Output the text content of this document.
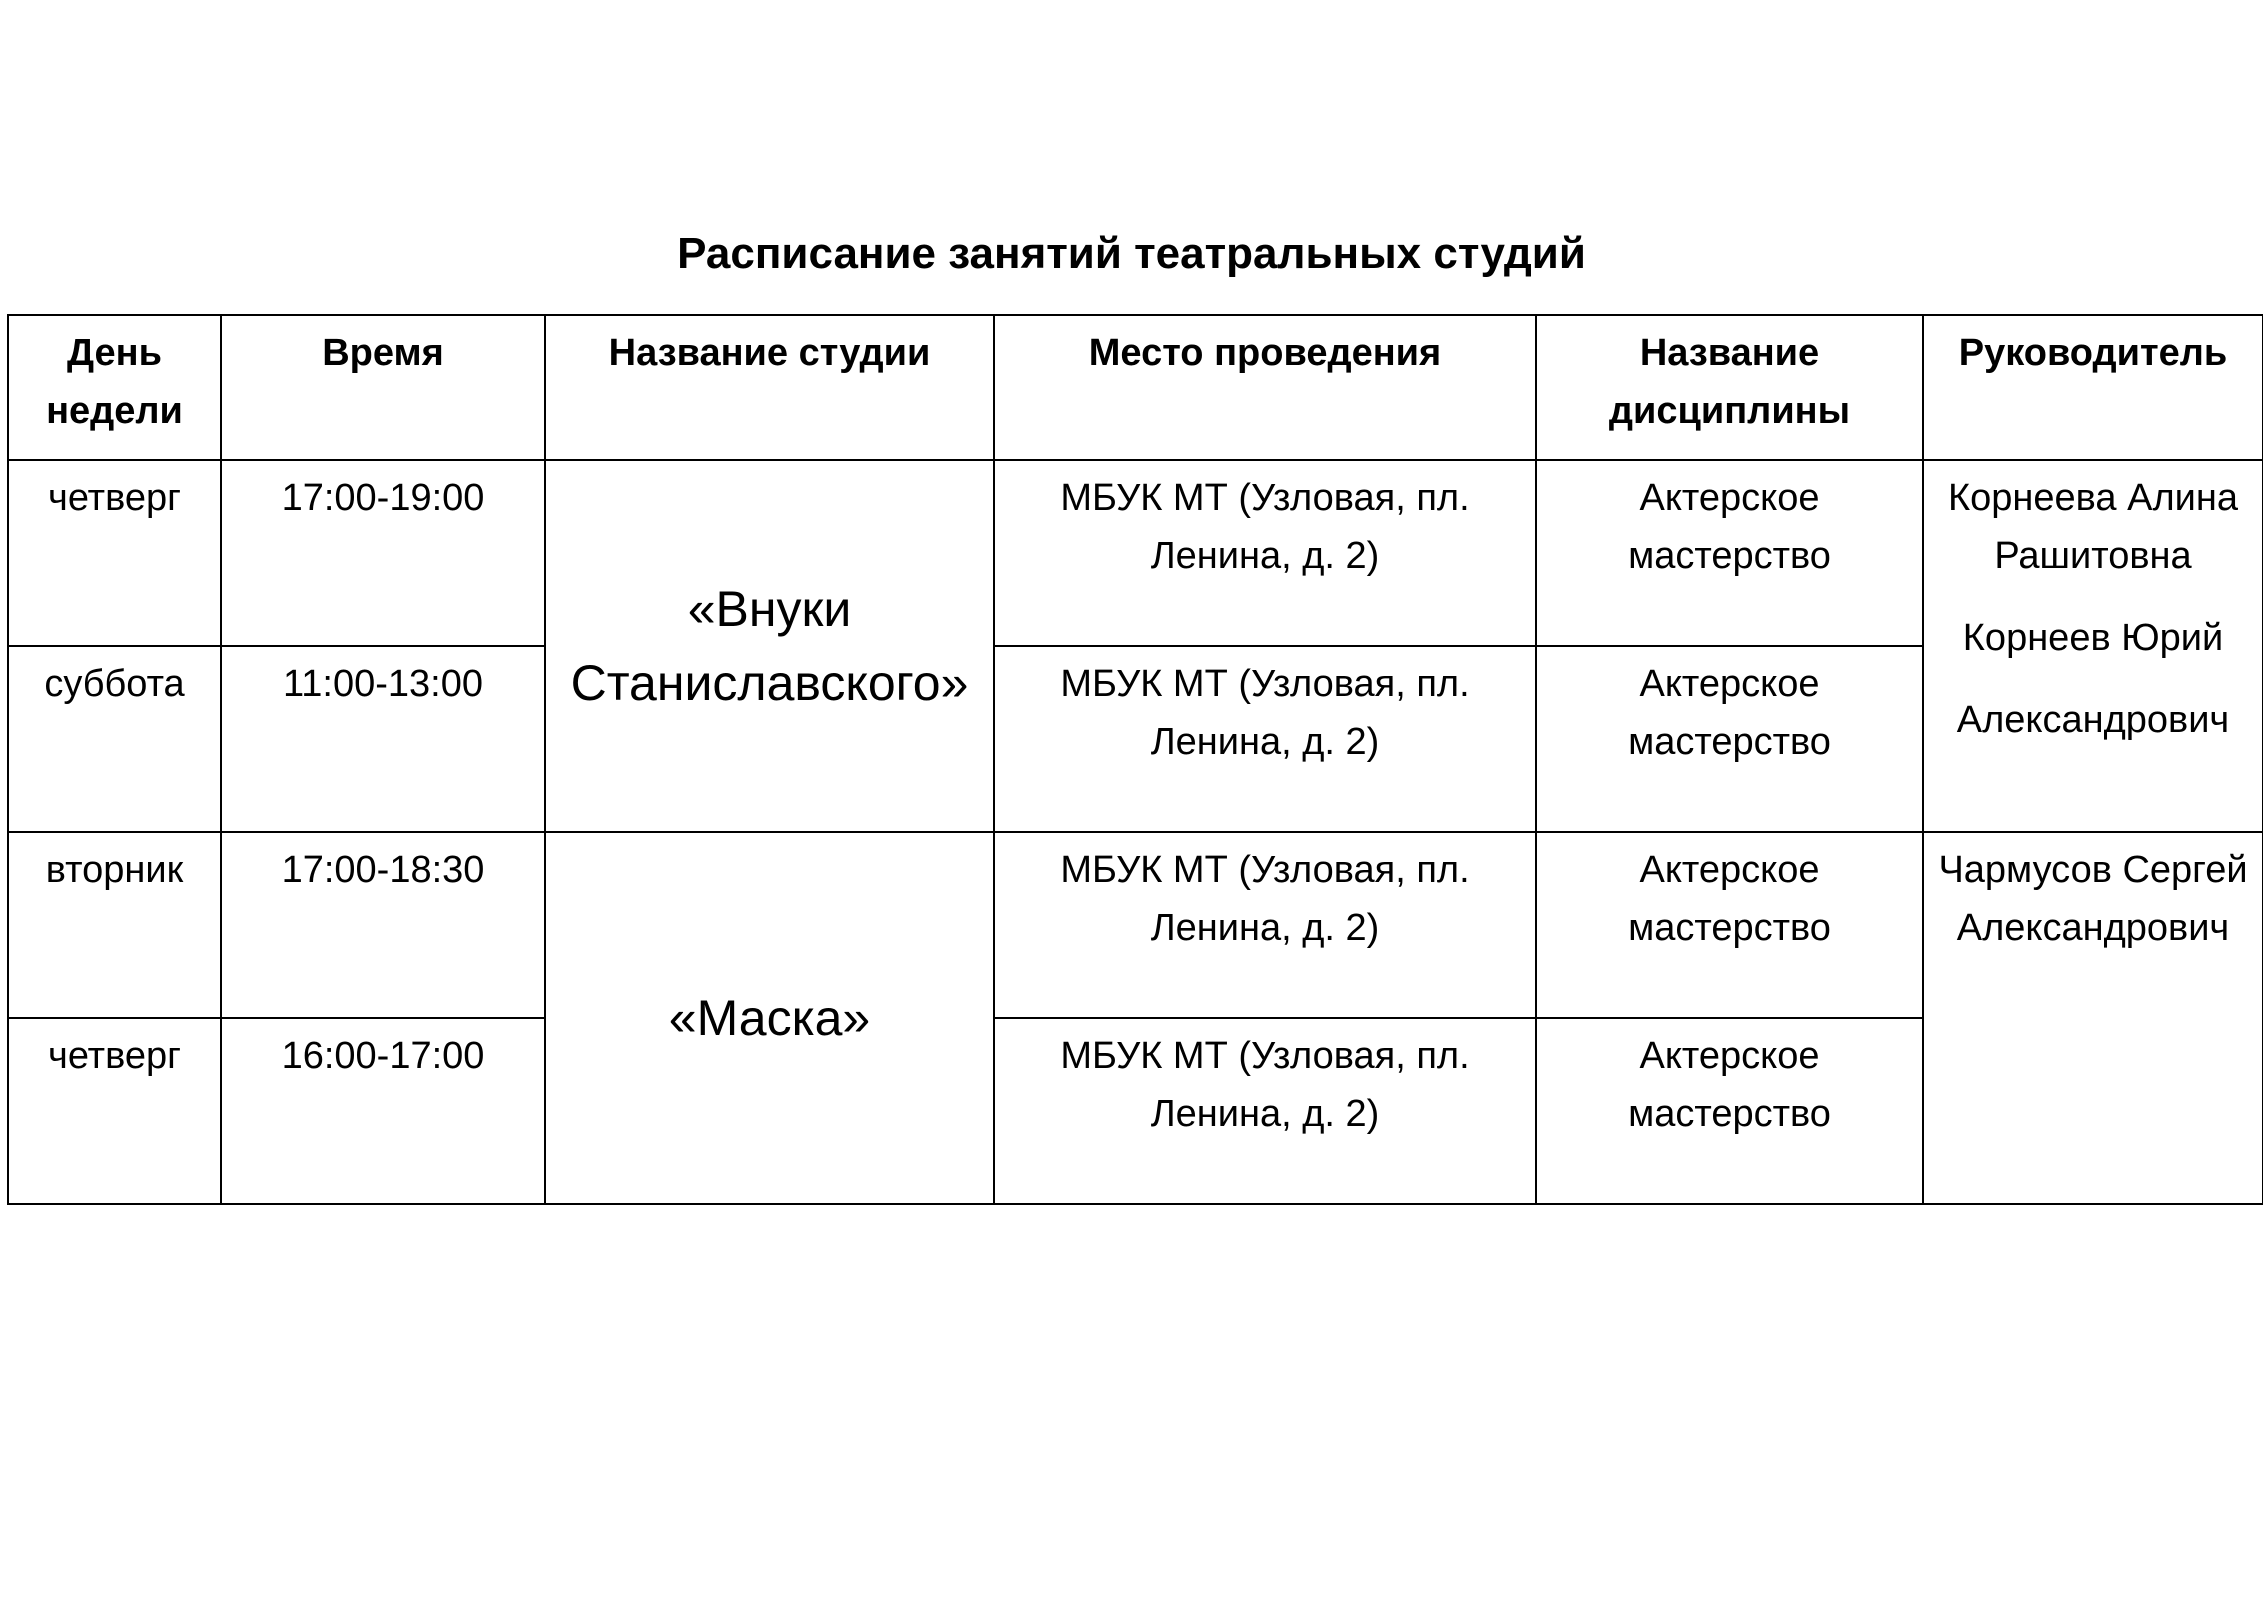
Расписание занятий театральных студий
День недели	Время	Название студии	Место проведения	Название дисциплины	Руководитель
четверг	17:00-19:00	«Внуки Станиславского»	МБУК МТ (Узловая, пл. Ленина, д. 2)	Актерское мастерство	Корнеева Алина Рашитовна
Корнеев Юрий
Александрович

суббота	11:00-13:00		МБУК МТ (Узловая, пл. Ленина, д. 2)	Актерское мастерство	
вторник	17:00-18:30	«Маска»	МБУК МТ (Узловая, пл. Ленина, д. 2)	Актерское мастерство	Чармусов Сергей Александрович
четверг	16:00-17:00		МБУК МТ (Узловая, пл. Ленина, д. 2)	Актерское мастерство	
